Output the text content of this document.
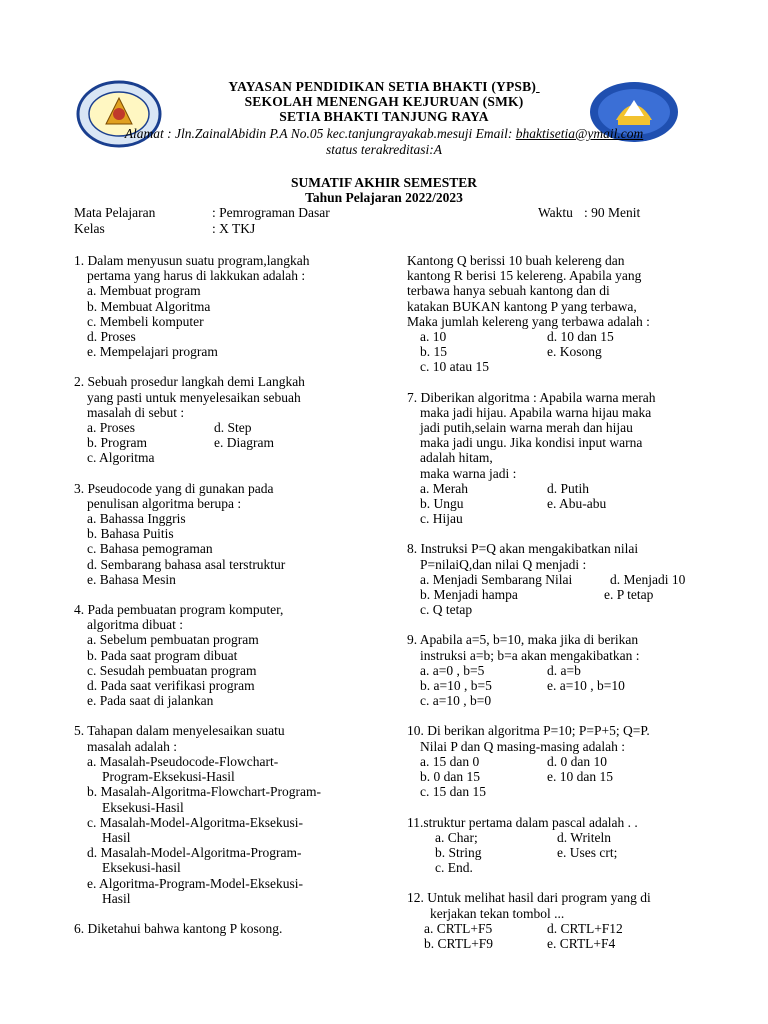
YAYASAN PENDIDIKAN SETIA BHAKTI (YPSB)
SEKOLAH MENENGAH KEJURUAN (SMK)
SETIA BHAKTI TANJUNG RAYA
Alamat : Jln.ZainalAbidin P.A No.05 kec.tanjungrayakab.mesuji Email: bhaktisetia@ymail.com
status terakreditasi:A
SUMATIF AKHIR SEMESTER
Tahun Pelajaran 2022/2023
Mata Pelajaran	: Pemrograman Dasar	Waktu : 90 Menit
Kelas	: X TKJ
1. Dalam menyusun suatu program,langkah
pertama yang harus di lakkukan adalah :
a. Membuat program
b. Membuat Algoritma
c. Membeli komputer
d. Proses
e. Mempelajari program
2. Sebuah prosedur langkah demi Langkah
yang pasti untuk menyelesaikan sebuah
masalah di sebut :
a. Proses	d. Step
b. Program	e. Diagram
c. Algoritma
3. Pseudocode yang di gunakan pada
penulisan algoritma berupa :
a. Bahassa Inggris
b. Bahasa Puitis
c. Bahasa pemograman
d. Sembarang bahasa asal terstruktur
e. Bahasa Mesin
4. Pada pembuatan program komputer,
algoritma dibuat :
a. Sebelum pembuatan program
b. Pada saat program dibuat
c. Sesudah pembuatan program
d. Pada saat verifikasi program
e. Pada saat di jalankan
5. Tahapan dalam menyelesaikan suatu
masalah adalah :
a. Masalah-Pseudocode-Flowchart-
Program-Eksekusi-Hasil
b. Masalah-Algoritma-Flowchart-Program-
Eksekusi-Hasil
c. Masalah-Model-Algoritma-Eksekusi-
Hasil
d. Masalah-Model-Algoritma-Program-
Eksekusi-hasil
e. Algoritma-Program-Model-Eksekusi-
Hasil
6. Diketahui bahwa kantong P kosong.
Kantong Q berissi 10 buah kelereng dan
kantong R berisi 15 kelereng. Apabila yang
terbawa hanya sebuah kantong dan di
katakan BUKAN kantong P yang terbawa,
Maka jumlah kelereng yang terbawa adalah :
a. 10	d. 10 dan 15
b. 15	e. Kosong
c. 10 atau 15
7. Diberikan algoritma : Apabila warna merah
maka jadi hijau. Apabila warna hijau maka
jadi putih,selain warna merah dan hijau
maka jadi ungu. Jika kondisi input warna
adalah hitam,
maka warna jadi :
a. Merah	d. Putih
b. Ungu	e. Abu-abu
c. Hijau
8. Instruksi P=Q akan mengakibatkan nilai
P=nilaiQ,dan nilai Q menjadi :
a. Menjadi Sembarang Nilai	d. Menjadi 10
b. Menjadi hampa	e. P tetap
c. Q tetap
9. Apabila a=5, b=10, maka jika di berikan
instruksi a=b; b=a akan mengakibatkan :
a. a=0 , b=5	d. a=b
b. a=10 , b=5	e. a=10 , b=10
c. a=10 , b=0
10. Di berikan algoritma P=10; P=P+5; Q=P.
Nilai P dan Q masing-masing adalah :
a. 15 dan 0	d. 0 dan 10
b. 0 dan 15	e. 10 dan 15
c. 15 dan 15
11.struktur pertama dalam pascal adalah . .
a. Char;	d. Writeln
b. String	e. Uses crt;
c. End.
12. Untuk melihat hasil dari program yang di
kerjakan tekan tombol ...
a. CRTL+F5	d. CRTL+F12
b. CRTL+F9	e. CRTL+F4
